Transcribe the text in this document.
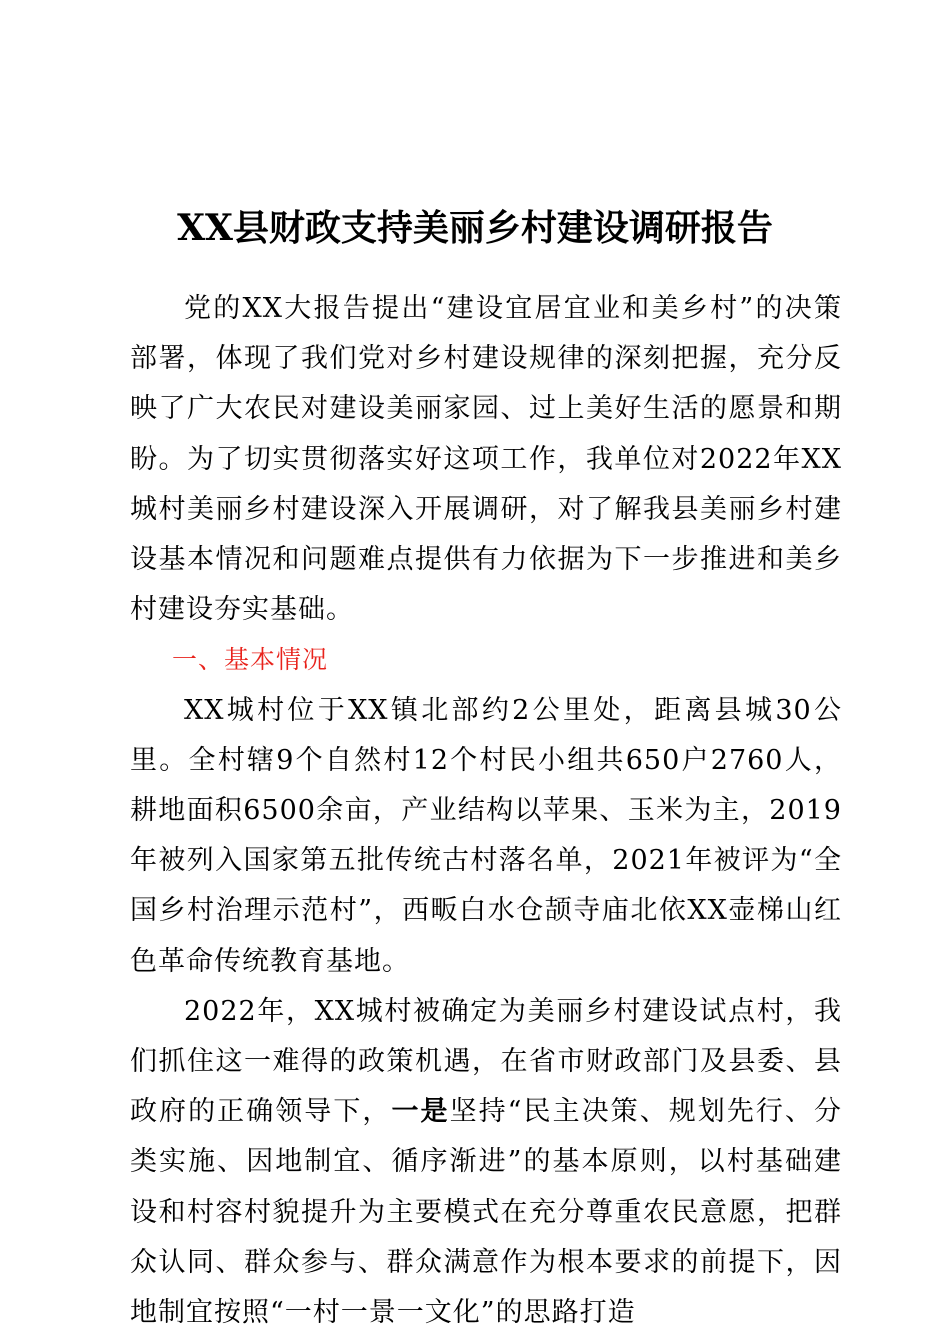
XX县财政支持美丽乡村建设调研报告

党的XX大报告提出“建设宜居宜业和美乡村”的决策部署，体现了我们党对乡村建设规律的深刻把握，充分反映了广大农民对建设美丽家园、过上美好生活的愿景和期盼。为了切实贯彻落实好这项工作，我单位对2022年XX城村美丽乡村建设深入开展调研，对了解我县美丽乡村建设基本情况和问题难点提供有力依据为下一步推进和美乡村建设夯实基础。

一、基本情况

XX城村位于XX镇北部约2公里处，距离县城30公里。全村辖9个自然村12个村民小组共650户2760人，耕地面积6500余亩，产业结构以苹果、玉米为主，2019年被列入国家第五批传统古村落名单，2021年被评为“全国乡村治理示范村”，西畈白水仓颉寺庙北依XX壶梯山红色革命传统教育基地。

2022年，XX城村被确定为美丽乡村建设试点村，我们抓住这一难得的政策机遇，在省市财政部门及县委、县政府的正确领导下，一是坚持“民主决策、规划先行、分类实施、因地制宜、循序渐进”的基本原则，以村基础建设和村容村貌提升为主要模式在充分尊重农民意愿，把群众认同、群众参与、群众满意作为根本要求的前提下，因地制宜按照“一村一景一文化”的思路打造
